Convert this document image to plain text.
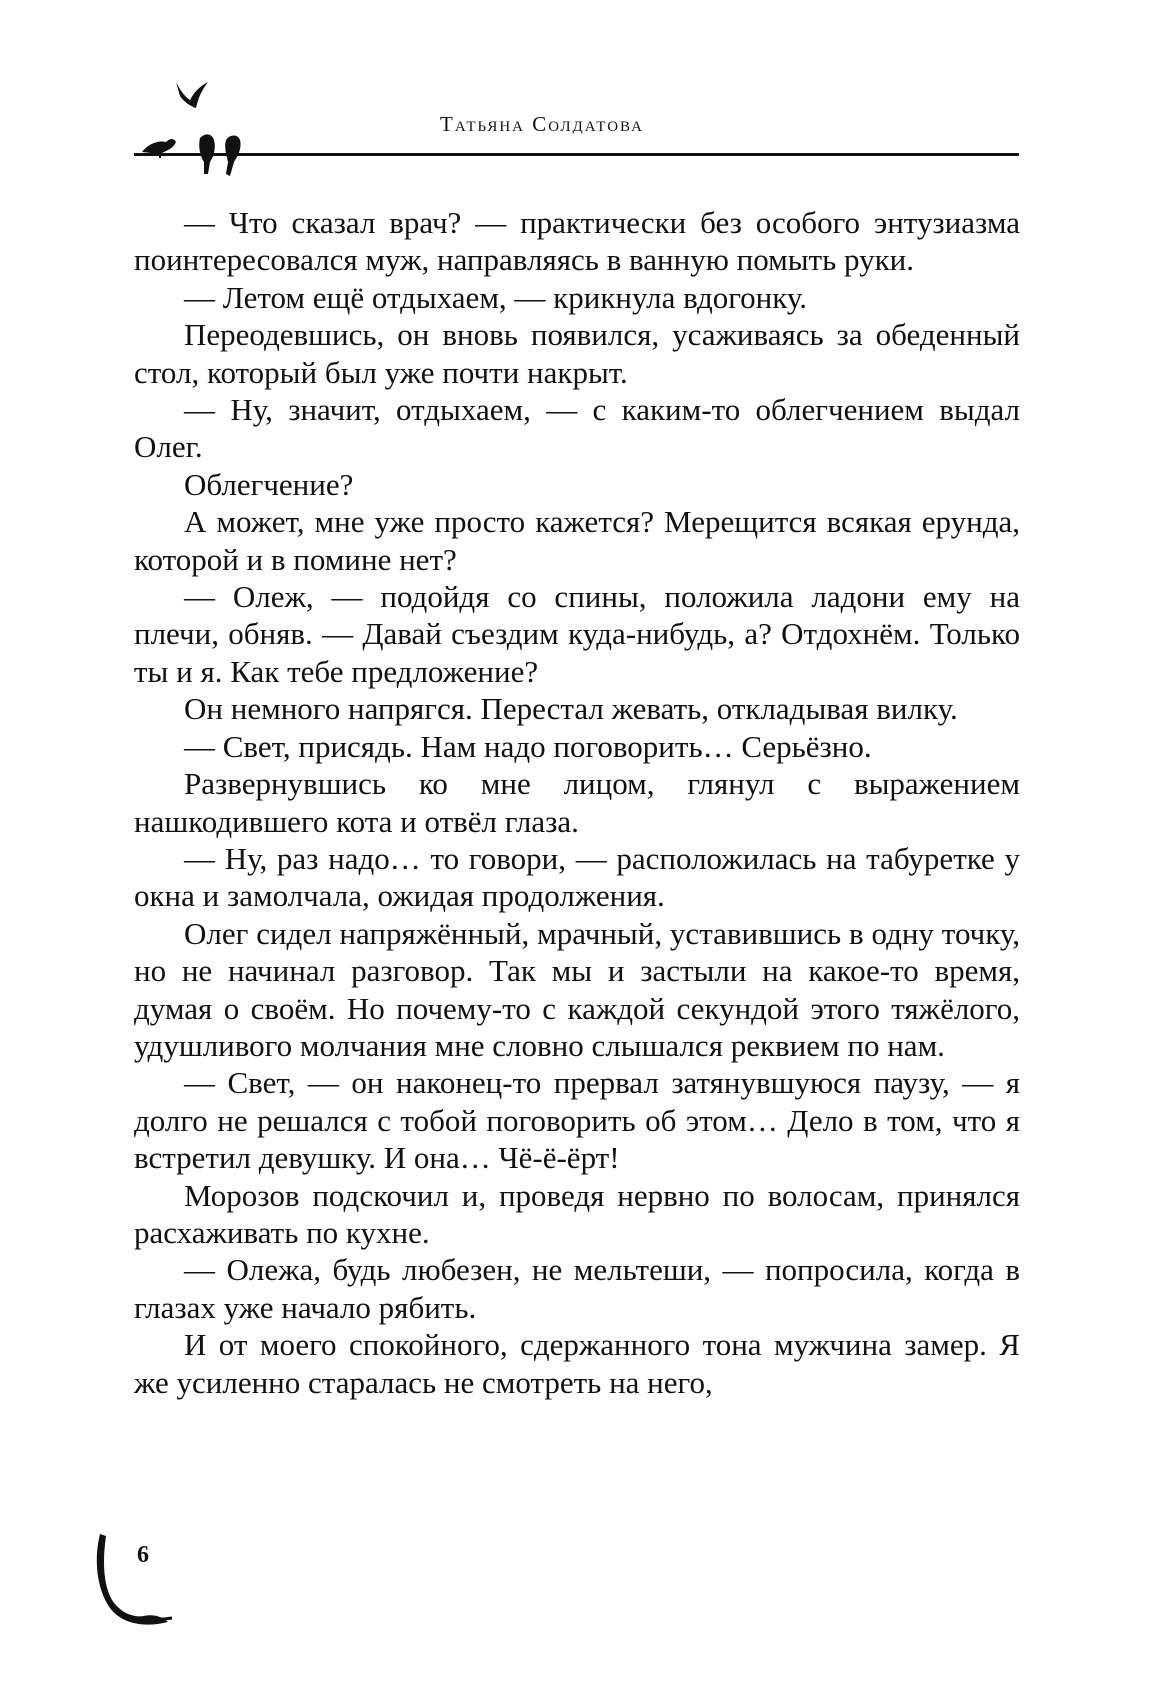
Татьяна Солдатова

— Что сказал врач? — практически без особого энтузиазма поинтересовался муж, направляясь в ванную помыть руки.

— Летом ещё отдыхаем, — крикнула вдогонку.

Переодевшись, он вновь появился, усаживаясь за обеденный стол, который был уже почти накрыт.

— Ну, значит, отдыхаем, — с каким-то облегчением выдал Олег.

Облегчение?

А может, мне уже просто кажется? Мерещится всякая ерунда, которой и в помине нет?

— Олеж, — подойдя со спины, положила ладони ему на плечи, обняв. — Давай съездим куда-нибудь, а? Отдохнём. Только ты и я. Как тебе предложение?

Он немного напрягся. Перестал жевать, откладывая вилку.

— Свет, присядь. Нам надо поговорить… Серьёзно.

Развернувшись ко мне лицом, глянул с выражением нашкодившего кота и отвёл глаза.

— Ну, раз надо… то говори, — расположилась на табуретке у окна и замолчала, ожидая продолжения.

Олег сидел напряжённый, мрачный, уставившись в одну точку, но не начинал разговор. Так мы и застыли на какое-то время, думая о своём. Но почему-то с каждой секундой этого тяжёлого, удушливого молчания мне словно слышался реквием по нам.

— Свет, — он наконец-то прервал затянувшуюся паузу, — я долго не решался с тобой поговорить об этом… Дело в том, что я встретил девушку. И она… Чё-ё-ёрт!

Морозов подскочил и, проведя нервно по волосам, принялся расхаживать по кухне.

— Олежа, будь любезен, не мельтеши, — попросила, когда в глазах уже начало рябить.

И от моего спокойного, сдержанного тона мужчина замер. Я же усиленно старалась не смотреть на него,

6
